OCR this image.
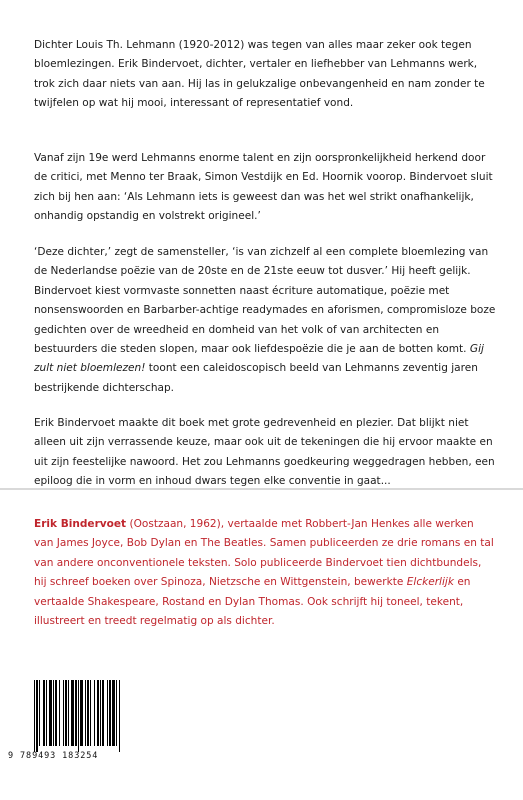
Dichter Louis Th. Lehmann (1920-2012) was tegen van alles maar zeker ook tegen bloemlezingen. Erik Bindervoet, dichter, vertaler en liefhebber van Lehmanns werk, trok zich daar niets van aan. Hij las in gelukzalige onbevangenheid en nam zonder te twijfelen op wat hij mooi, interessant of representatief vond.

Vanaf zijn 19e werd Lehmanns enorme talent en zijn oorspronkelijkheid herkend door de critici, met Menno ter Braak, Simon Vestdijk en Ed. Hoornik voorop. Bindervoet sluit zich bij hen aan: ‘Als Lehmann iets is geweest dan was het wel strikt onafhankelijk, onhandig opstandig en volstrekt origineel.’

‘Deze dichter,’ zegt de samensteller, ‘is van zichzelf al een complete bloemlezing van de Nederlandse poëzie van de 20ste en de 21ste eeuw tot dusver.’ Hij heeft gelijk. Bindervoet kiest vormvaste sonnetten naast écriture automatique, poëzie met nonsenswoorden en Barbarber-achtige readymades en aforismen, compromisloze boze gedichten over de wreedheid en domheid van het volk of van architecten en bestuurders die steden slopen, maar ook liefdespoëzie die je aan de botten komt. Gij zult niet bloemlezen! toont een caleidoscopisch beeld van Lehmanns zeventig jaren bestrijkende dichterschap.

Erik Bindervoet maakte dit boek met grote gedrevenheid en plezier. Dat blijkt niet alleen uit zijn verrassende keuze, maar ook uit de tekeningen die hij ervoor maakte en uit zijn feestelijke nawoord. Het zou Lehmanns goedkeuring weggedragen hebben, een epiloog die in vorm en inhoud dwars tegen elke conventie in gaat...

Erik Bindervoet (Oostzaan, 1962), vertaalde met Robbert-Jan Henkes alle werken van James Joyce, Bob Dylan en The Beatles. Samen publiceerden ze drie romans en tal van andere onconventionele teksten. Solo publiceerde Bindervoet tien dichtbundels, hij schreef boeken over Spinoza, Nietzsche en Wittgenstein, bewerkte Elckerlijk en vertaalde Shakespeare, Rostand en Dylan Thomas. Ook schrijft hij toneel, tekent, illustreert en treedt regelmatig op als dichter.

9 789493 183254
